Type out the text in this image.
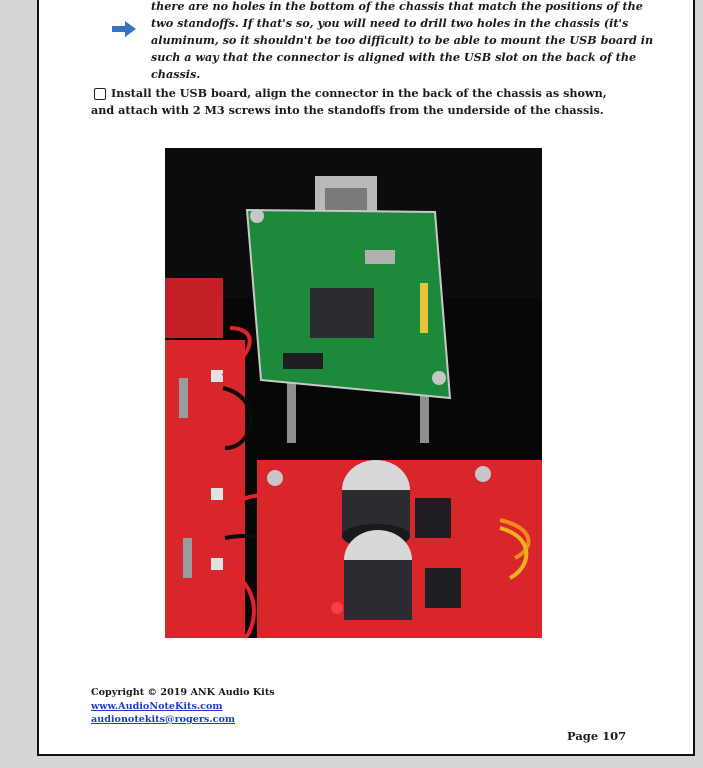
there are no holes in the bottom of the chassis that match the positions of the two standoffs. If that's so, you will need to drill two holes in the chassis (it's aluminum, so it shouldn't be too difficult) to be able to mount the USB board in such a way that the connector is aligned with the USB slot on the back of the chassis.

Install the USB board, align the connector in the back of the chassis as shown, and attach with 2 M3 screws into the standoffs from the underside of the chassis.

Copyright © 2019 ANK Audio Kits
www.AudioNoteKits.com
audionotekits@rogers.com
Page 107
